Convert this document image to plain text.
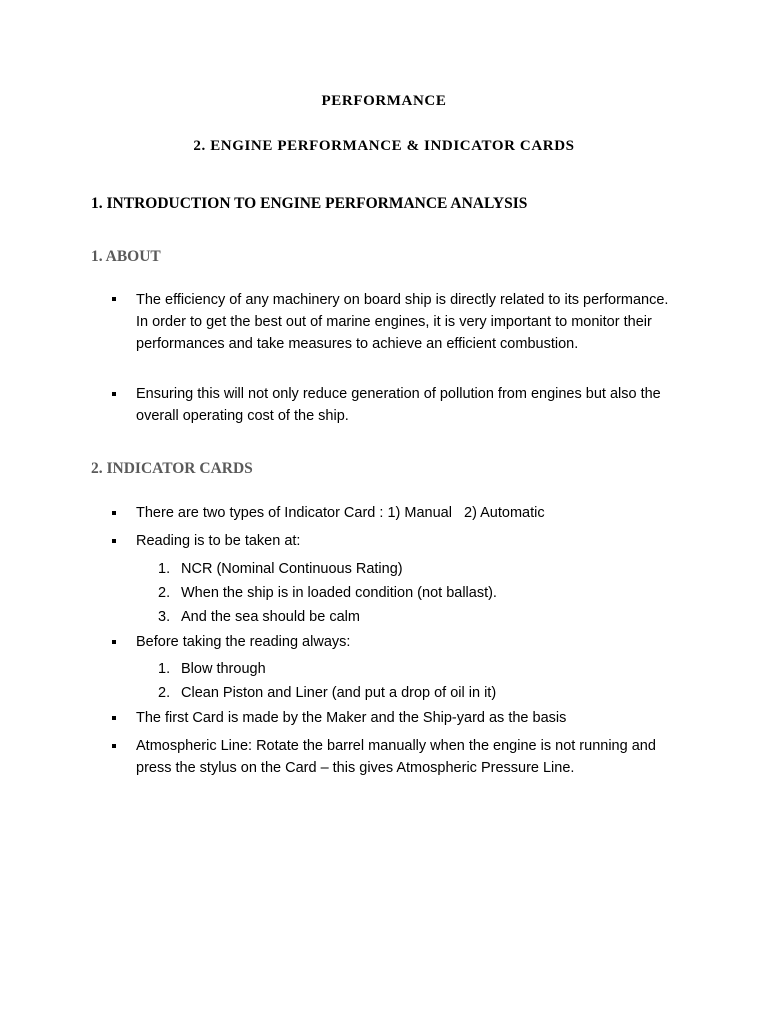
PERFORMANCE
2. ENGINE PERFORMANCE & INDICATOR CARDS
1. INTRODUCTION TO ENGINE PERFORMANCE ANALYSIS
1. ABOUT
The efficiency of any machinery on board ship is directly related to its performance. In order to get the best out of marine engines, it is very important to monitor their performances and take measures to achieve an efficient combustion.
Ensuring this will not only reduce generation of pollution from engines but also the overall operating cost of the ship.
2. INDICATOR CARDS
There are two types of Indicator Card : 1) Manual   2) Automatic
Reading is to be taken at:
1. NCR (Nominal Continuous Rating)
2. When the ship is in loaded condition (not ballast).
3. And the sea should be calm
Before taking the reading always:
1. Blow through
2. Clean Piston and Liner (and put a drop of oil in it)
The first Card is made by the Maker and the Ship-yard as the basis
Atmospheric Line: Rotate the barrel manually when the engine is not running and press the stylus on the Card – this gives Atmospheric Pressure Line.
